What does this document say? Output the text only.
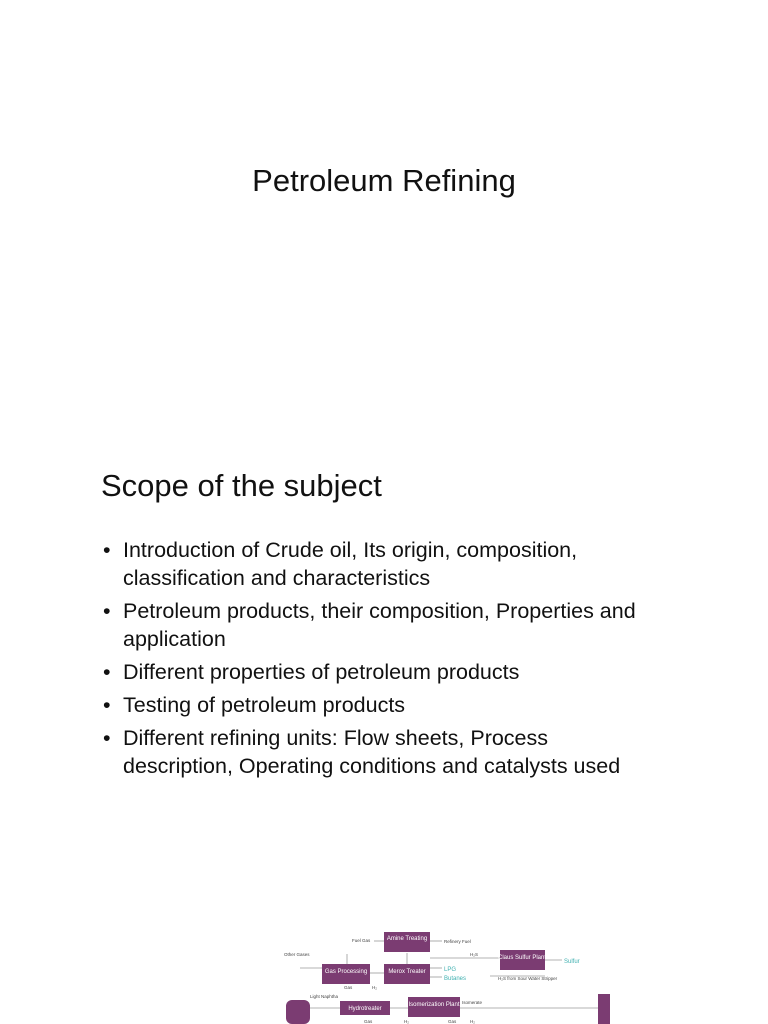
Petroleum Refining
Scope of the subject
• Introduction of Crude oil, Its origin, composition, classification and characteristics
• Petroleum products, their composition, Properties and application
• Different properties of petroleum products
• Testing of petroleum products
• Different refining units: Flow sheets, Process description, Operating conditions and catalysts used
Amine Treating
Gas Processing	Merox Treater
Claus Sulfur Plant
Hydrotreater
Isomerization Plant
Fuel Gas	Refinery Fuel
Other Gases	H₂S
H₂S from Sour Water Stripper
Gas	H₂
Light Naphtha
Isomerate
Gas	H₂	Gas	H₂
Sulfur
LPG
Butanes
